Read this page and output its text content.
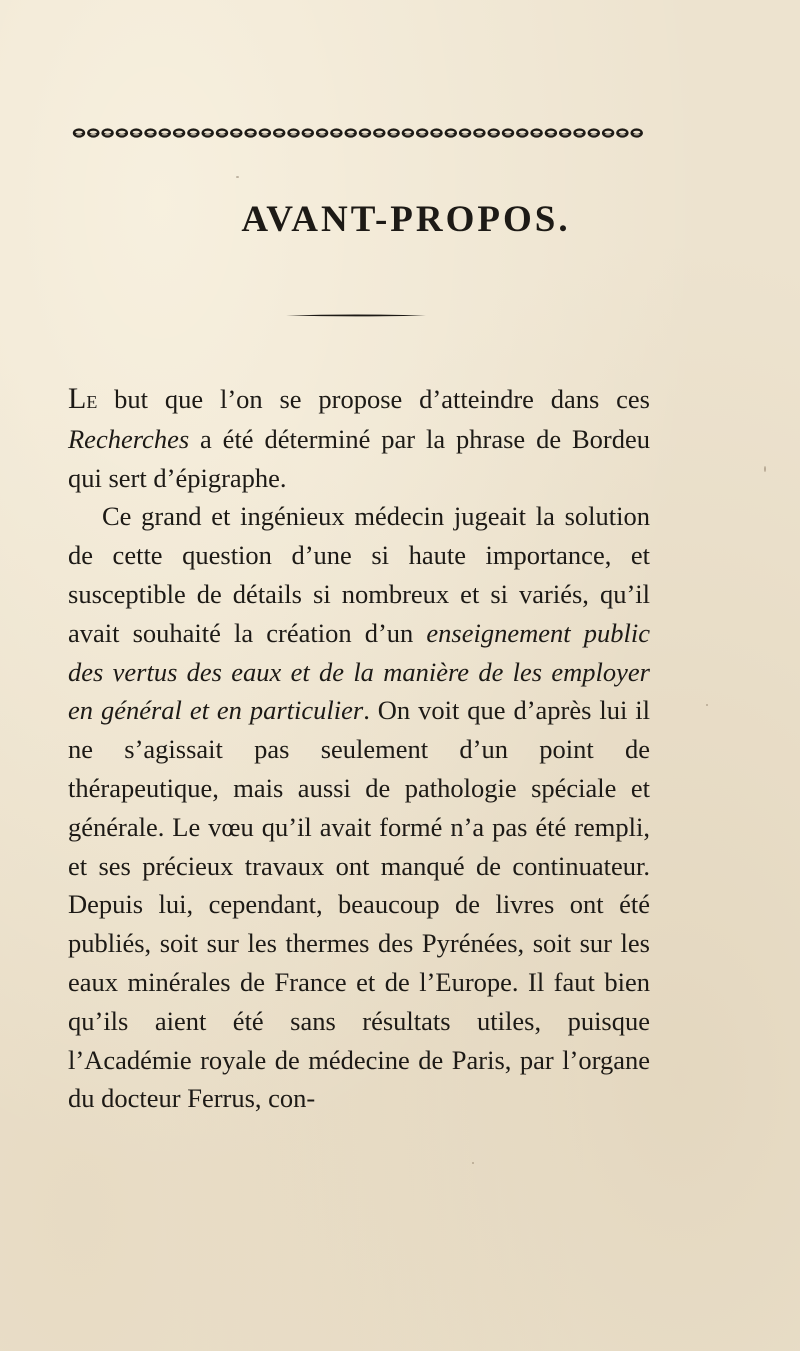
AVANT-PROPOS.

Le but que l’on se propose d’atteindre dans ces Recherches a été déterminé par la phrase de Bordeu qui sert d’épigraphe.

Ce grand et ingénieux médecin jugeait la solution de cette question d’une si haute importance, et susceptible de détails si nombreux et si variés, qu’il avait souhaité la création d’un enseignement public des vertus des eaux et de la manière de les employer en général et en particulier. On voit que d’après lui il ne s’agissait pas seulement d’un point de thérapeutique, mais aussi de pathologie spéciale et générale. Le vœu qu’il avait formé n’a pas été rempli, et ses précieux travaux ont manqué de continuateur. Depuis lui, cependant, beaucoup de livres ont été publiés, soit sur les thermes des Pyrénées, soit sur les eaux minérales de France et de l’Europe. Il faut bien qu’ils aient été sans résultats utiles, puisque l’Académie royale de médecine de Paris, par l’organe du docteur Ferrus, con-
